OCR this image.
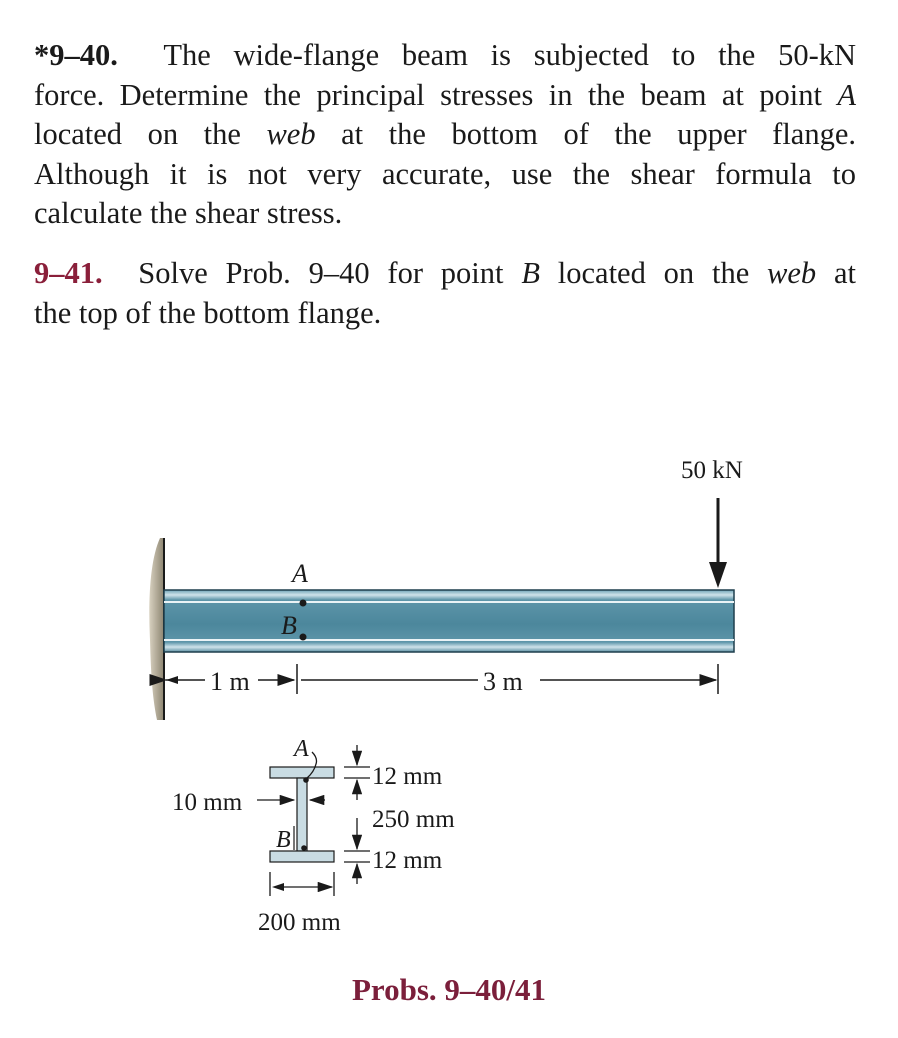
*9–40. The wide-flange beam is subjected to the 50-kN
force. Determine the principal stresses in the beam at point A
located on the web at the bottom of the upper flange.
Although it is not very accurate, use the shear formula to
calculate the shear stress.
9–41. Solve Prob. 9–40 for point B located on the web at
the top of the bottom flange.
A
B
50 kN
1 m	3 m
A
B
10 mm
12 mm
250 mm
12 mm
200 mm
Probs. 9–40/41
